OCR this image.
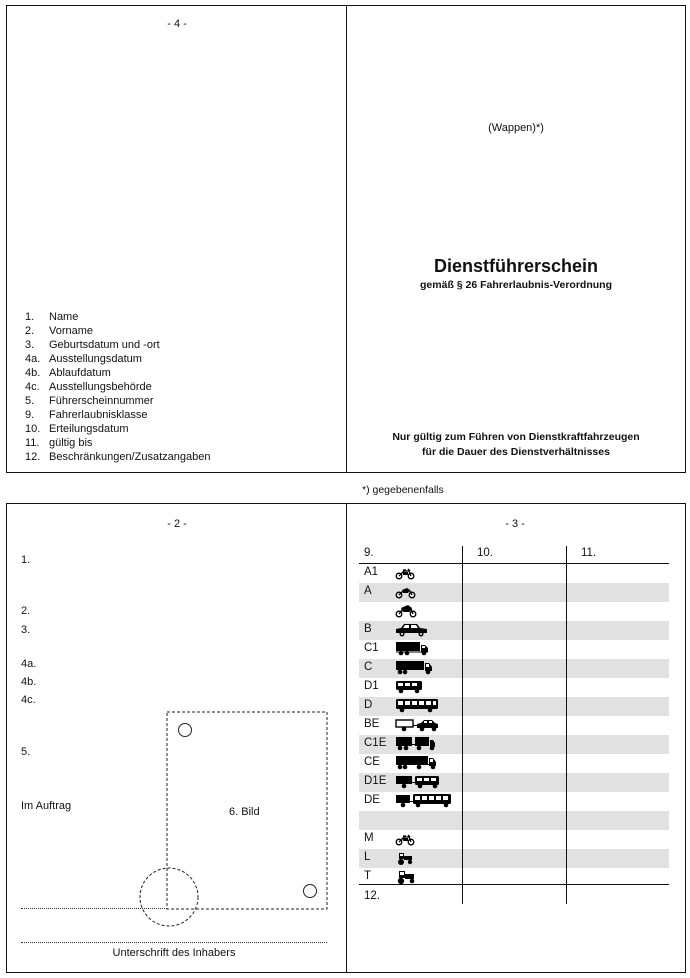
- 4 -
1.	Name
2.	Vorname
3.	Geburtsdatum und -ort
4a. Ausstellungsdatum
4b. Ablaufdatum
4c. Ausstellungsbehörde
5.	Führerscheinnummer
9.	Fahrerlaubnisklasse
10. Erteilungsdatum
11. gültig bis
12. Beschränkungen/Zusatzangaben
(Wappen)*)
Dienstführerschein
gemäß § 26 Fahrerlaubnis-Verordnung
Nur gültig zum Führen von Dienstkraftfahrzeugen
für die Dauer des Dienstverhältnisses
*) gegebenenfalls
- 2 -
1.
2.
3.
4a.
4b.
4c.
5.
Im Auftrag	6. Bild
Unterschrift des Inhabers
- 3 -
9.	10.	11.
A1
A
B
C1
C
D1
D
BE
C1E
CE
D1E
DE
M
L
T
12.
